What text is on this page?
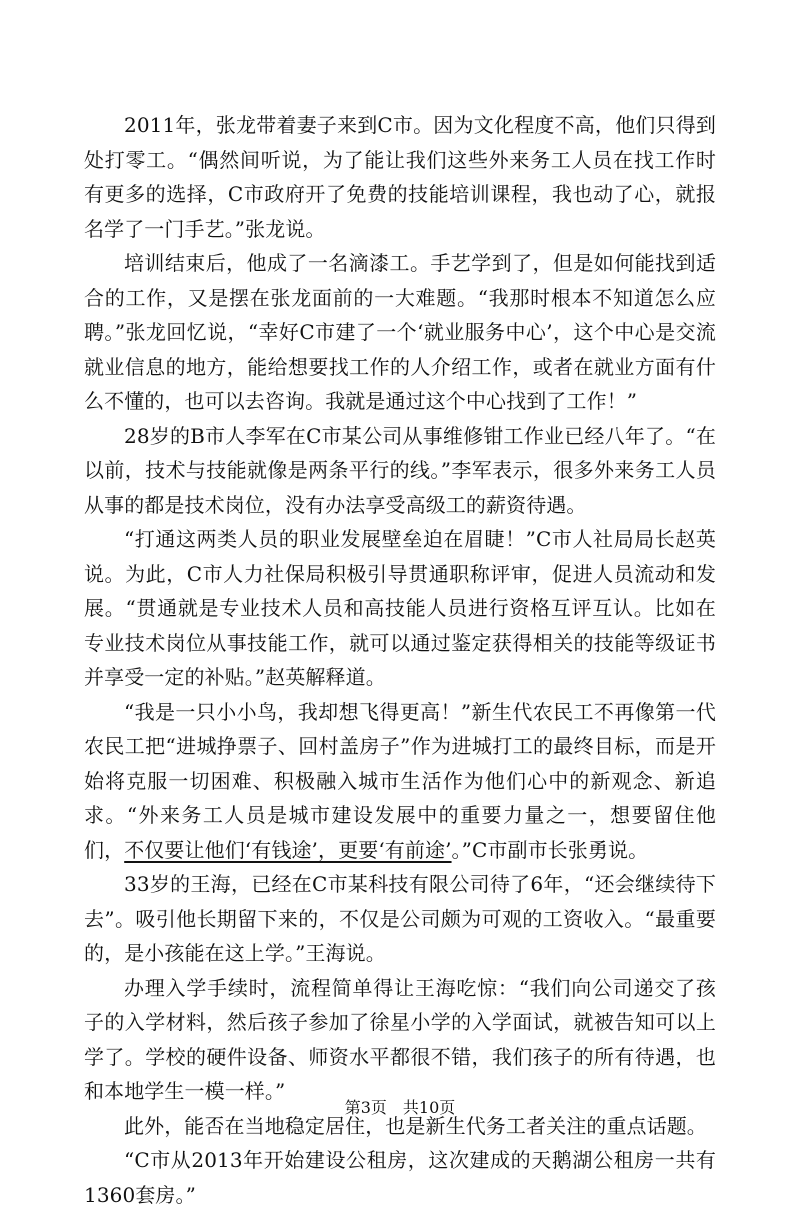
2011年，张龙带着妻子来到C市。因为文化程度不高，他们只得到处打零工。“偶然间听说，为了能让我们这些外来务工人员在找工作时有更多的选择，C市政府开了免费的技能培训课程，我也动了心，就报名学了一门手艺。”张龙说。

培训结束后，他成了一名滴漆工。手艺学到了，但是如何能找到适合的工作，又是摆在张龙面前的一大难题。“我那时根本不知道怎么应聘。”张龙回忆说，“幸好C市建了一个‘就业服务中心’，这个中心是交流就业信息的地方，能给想要找工作的人介绍工作，或者在就业方面有什么不懂的，也可以去咨询。我就是通过这个中心找到了工作！”

28岁的B市人李军在C市某公司从事维修钳工作业已经八年了。“在以前，技术与技能就像是两条平行的线。”李军表示，很多外来务工人员从事的都是技术岗位，没有办法享受高级工的薪资待遇。

“打通这两类人员的职业发展壁垒迫在眉睫！”C市人社局局长赵英说。为此，C市人力社保局积极引导贯通职称评审，促进人员流动和发展。“贯通就是专业技术人员和高技能人员进行资格互评互认。比如在专业技术岗位从事技能工作，就可以通过鉴定获得相关的技能等级证书并享受一定的补贴。”赵英解释道。

“我是一只小小鸟，我却想飞得更高！”新生代农民工不再像第一代农民工把“进城挣票子、回村盖房子”作为进城打工的最终目标，而是开始将克服一切困难、积极融入城市生活作为他们心中的新观念、新追求。“外来务工人员是城市建设发展中的重要力量之一，想要留住他们，不仅要让他们‘有钱途’，更要‘有前途’。”C市副市长张勇说。

33岁的王海，已经在C市某科技有限公司待了6年，“还会继续待下去”。吸引他长期留下来的，不仅是公司颇为可观的工资收入。“最重要的，是小孩能在这上学。”王海说。

办理入学手续时，流程简单得让王海吃惊：“我们向公司递交了孩子的入学材料，然后孩子参加了徐星小学的入学面试，就被告知可以上学了。学校的硬件设备、师资水平都很不错，我们孩子的所有待遇，也和本地学生一模一样。”

此外，能否在当地稳定居住，也是新生代务工者关注的重点话题。

“C市从2013年开始建设公租房，这次建成的天鹅湖公租房一共有1360套房。”

第3页　共10页
